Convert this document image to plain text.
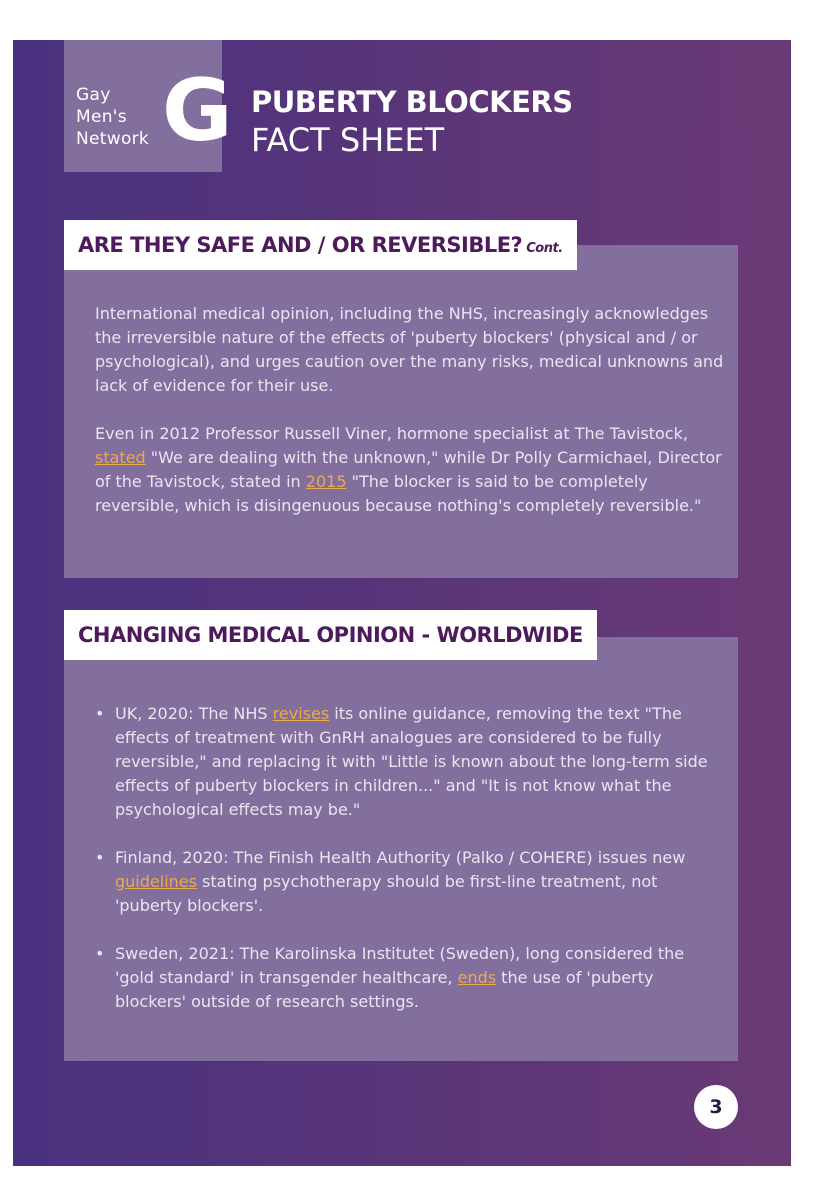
Gay
Men's
Network G PUBERTY BLOCKERS
FACT SHEET
ARE THEY SAFE AND / OR REVERSIBLE? Cont.
International medical opinion, including the NHS, increasingly acknowledges the irreversible nature of the effects of 'puberty blockers' (physical and / or psychological), and urges caution over the many risks, medical unknowns and lack of evidence for their use.
Even in 2012 Professor Russell Viner, hormone specialist at The Tavistock, stated "We are dealing with the unknown," while Dr Polly Carmichael, Director of the Tavistock, stated in 2015 "The blocker is said to be completely reversible, which is disingenuous because nothing's completely reversible."
CHANGING MEDICAL OPINION - WORLDWIDE
• UK, 2020: The NHS revises its online guidance, removing the text "The effects of treatment with GnRH analogues are considered to be fully reversible," and replacing it with "Little is known about the long-term side effects of puberty blockers in children..." and "It is not know what the psychological effects may be."
• Finland, 2020: The Finish Health Authority (Palko / COHERE) issues new guidelines stating psychotherapy should be first-line treatment, not 'puberty blockers'.
• Sweden, 2021: The Karolinska Institutet (Sweden), long considered the 'gold standard' in transgender healthcare, ends the use of 'puberty blockers' outside of research settings.
3
